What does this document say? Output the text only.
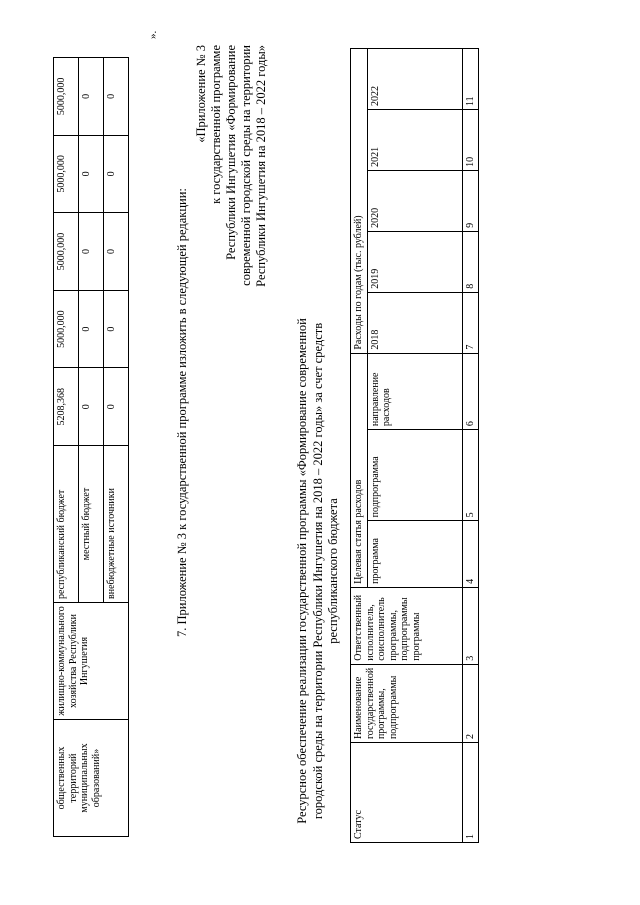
общественных территорий муниципальных образований»	жилищно-коммунального хозяйства Республики Ингушетия	республиканский бюджет	5208,368	5000,000	5000,000	5000,000	5000,000
		местный бюджет	0	0	0	0	0
		внебюджетные источники	0	0	0	0	0
».
7. Приложение № 3 к государственной программе изложить в следующей редакции:
«Приложение № 3 к государственной программе Республики Ингушетия «Формирование современной городской среды на территории Республики Ингушетия на 2018 – 2022 годы»
Ресурсное обеспечение реализации государственной программы «Формирование современной городской среды на территории Республики Ингушетия на 2018 – 2022 годы» за счет средств республиканского бюджета
Статус	Наименование государственной программы, подпрограммы	Ответственный исполнитель, соисполнитель программы, подпрограммы программы	Целевая статья расходов			Расходы по годам (тыс. рублей)				
			программа	подпрограмма	направление расходов	2018	2019	2020	2021	2022
1	2	3	4	5	6	7	8	9	10	11
